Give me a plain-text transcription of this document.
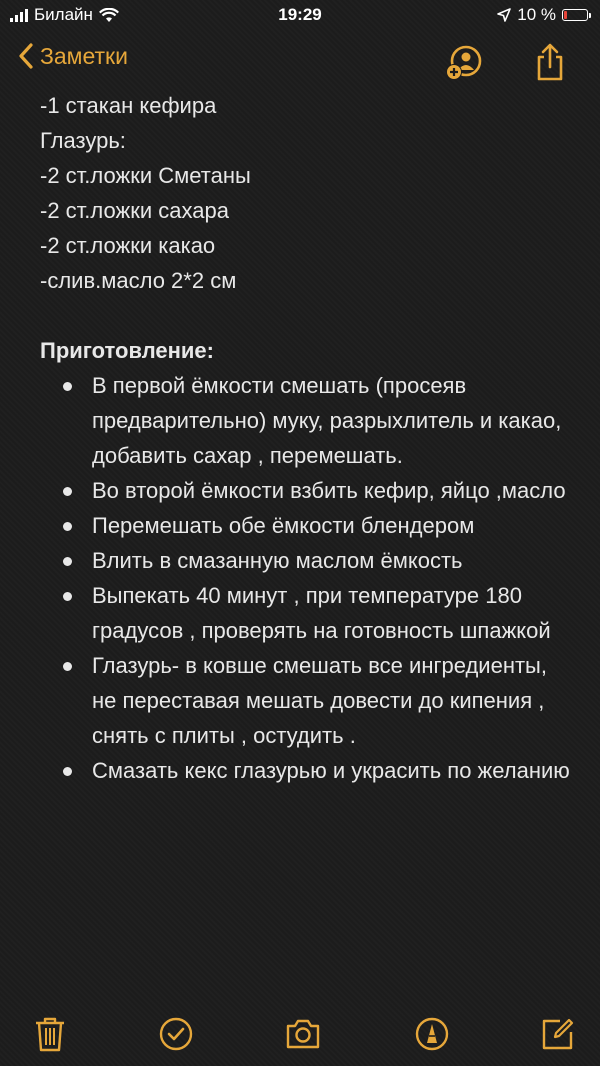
Билайн	19:29	10 %
Заметки
-1 стакан кефира
Глазурь:
-2 ст.ложки Сметаны
-2 ст.ложки сахара
-2 ст.ложки какао
-слив.масло 2*2 см
Приготовление:
В первой ёмкости смешать (просеяв предварительно) муку, разрыхлитель и какао, добавить сахар , перемешать.
Во второй ёмкости взбить кефир, яйцо ,масло
Перемешать обе ёмкости блендером
Влить в смазанную маслом ёмкость
Выпекать 40 минут , при температуре 180 градусов , проверять на готовность шпажкой
Глазурь- в ковше смешать все ингредиенты, не переставая мешать довести до кипения , снять с плиты , остудить .
Смазать кекс глазурью и украсить по желанию
